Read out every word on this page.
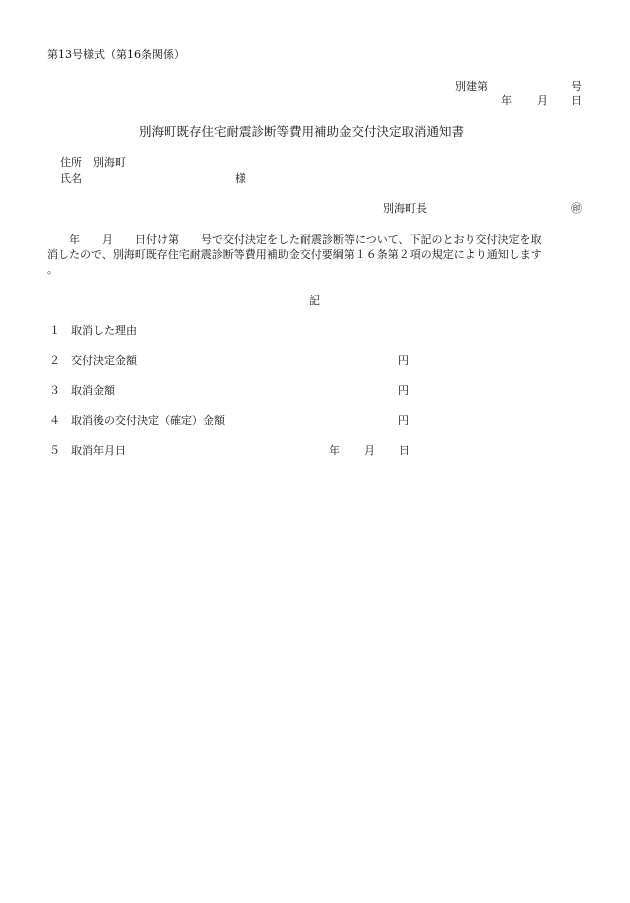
第13号様式（第16条関係）
別建第	号
年 月 日
別海町既存住宅耐震診断等費用補助金交付決定取消通知書
住所 別海町
氏名	様
別海町長	㊞
　　年　　月　　日付け第　　号で交付決定をした耐震診断等について、下記のとおり交付決定を取
消したので、別海町既存住宅耐震診断等費用補助金交付要綱第１６条第２項の規定により通知します
。
記
１ 取消した理由
２ 交付決定金額	円
３ 取消金額	円
４ 取消後の交付決定（確定）金額	円
５ 取消年月日	年 月 日
